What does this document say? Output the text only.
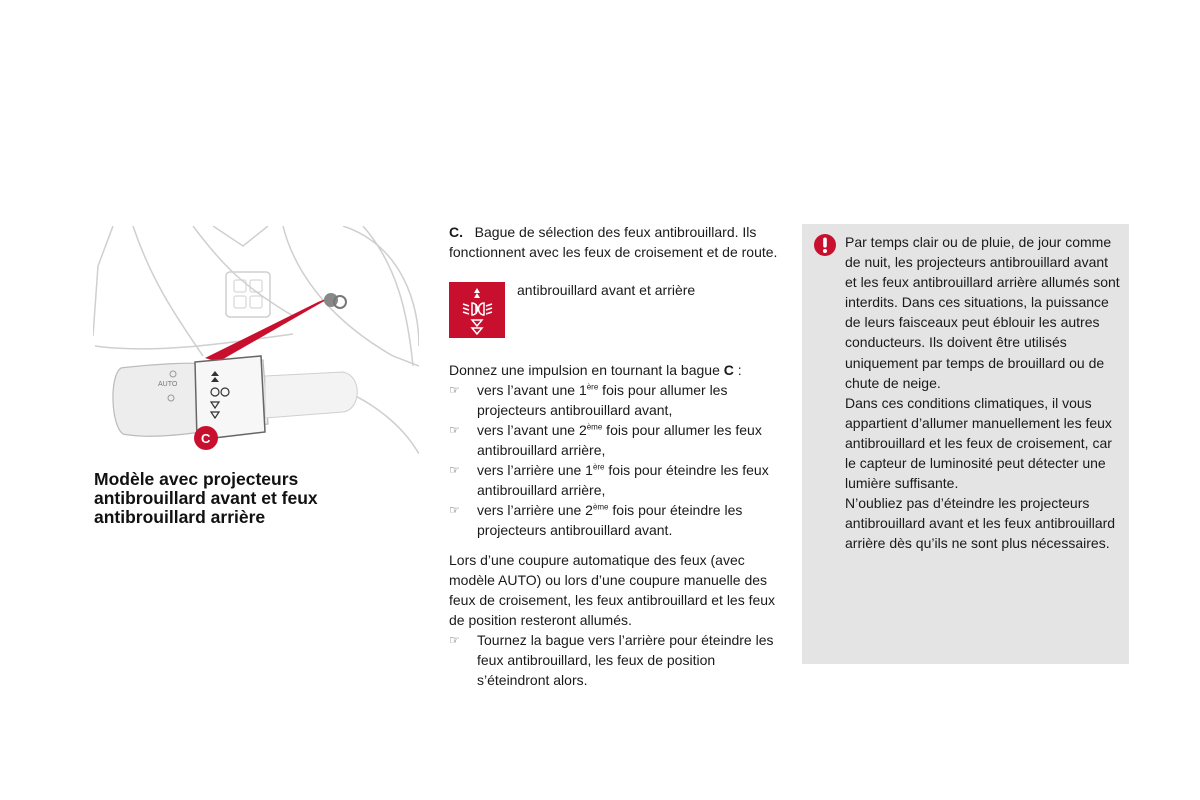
AUTO
C
Modèle avec projecteurs antibrouillard avant et feux antibrouillard arrière

C. Bague de sélection des feux antibrouillard. Ils fonctionnent avec les feux de croisement et de route.

antibrouillard avant et arrière

Donnez une impulsion en tournant la bague C :

☞ vers l’avant une 1ère fois pour allumer les projecteurs antibrouillard avant,
☞ vers l’avant une 2ème fois pour allumer les feux antibrouillard arrière,
☞ vers l’arrière une 1ère fois pour éteindre les feux antibrouillard arrière,
☞ vers l’arrière une 2ème fois pour éteindre les projecteurs antibrouillard avant.

Lors d’une coupure automatique des feux (avec modèle AUTO) ou lors d’une coupure manuelle des feux de croisement, les feux antibrouillard et les feux de position resteront allumés.

☞ Tournez la bague vers l’arrière pour éteindre les feux antibrouillard, les feux de position s’éteindront alors.

Par temps clair ou de pluie, de jour comme de nuit, les projecteurs antibrouillard avant et les feux antibrouillard arrière allumés sont interdits. Dans ces situations, la puissance de leurs faisceaux peut éblouir les autres conducteurs. Ils doivent être utilisés uniquement par temps de brouillard ou de chute de neige.

Dans ces conditions climatiques, il vous appartient d’allumer manuellement les feux antibrouillard et les feux de croisement, car le capteur de luminosité peut détecter une lumière suffisante.

N’oubliez pas d’éteindre les projecteurs antibrouillard avant et les feux antibrouillard arrière dès qu’ils ne sont plus nécessaires.
